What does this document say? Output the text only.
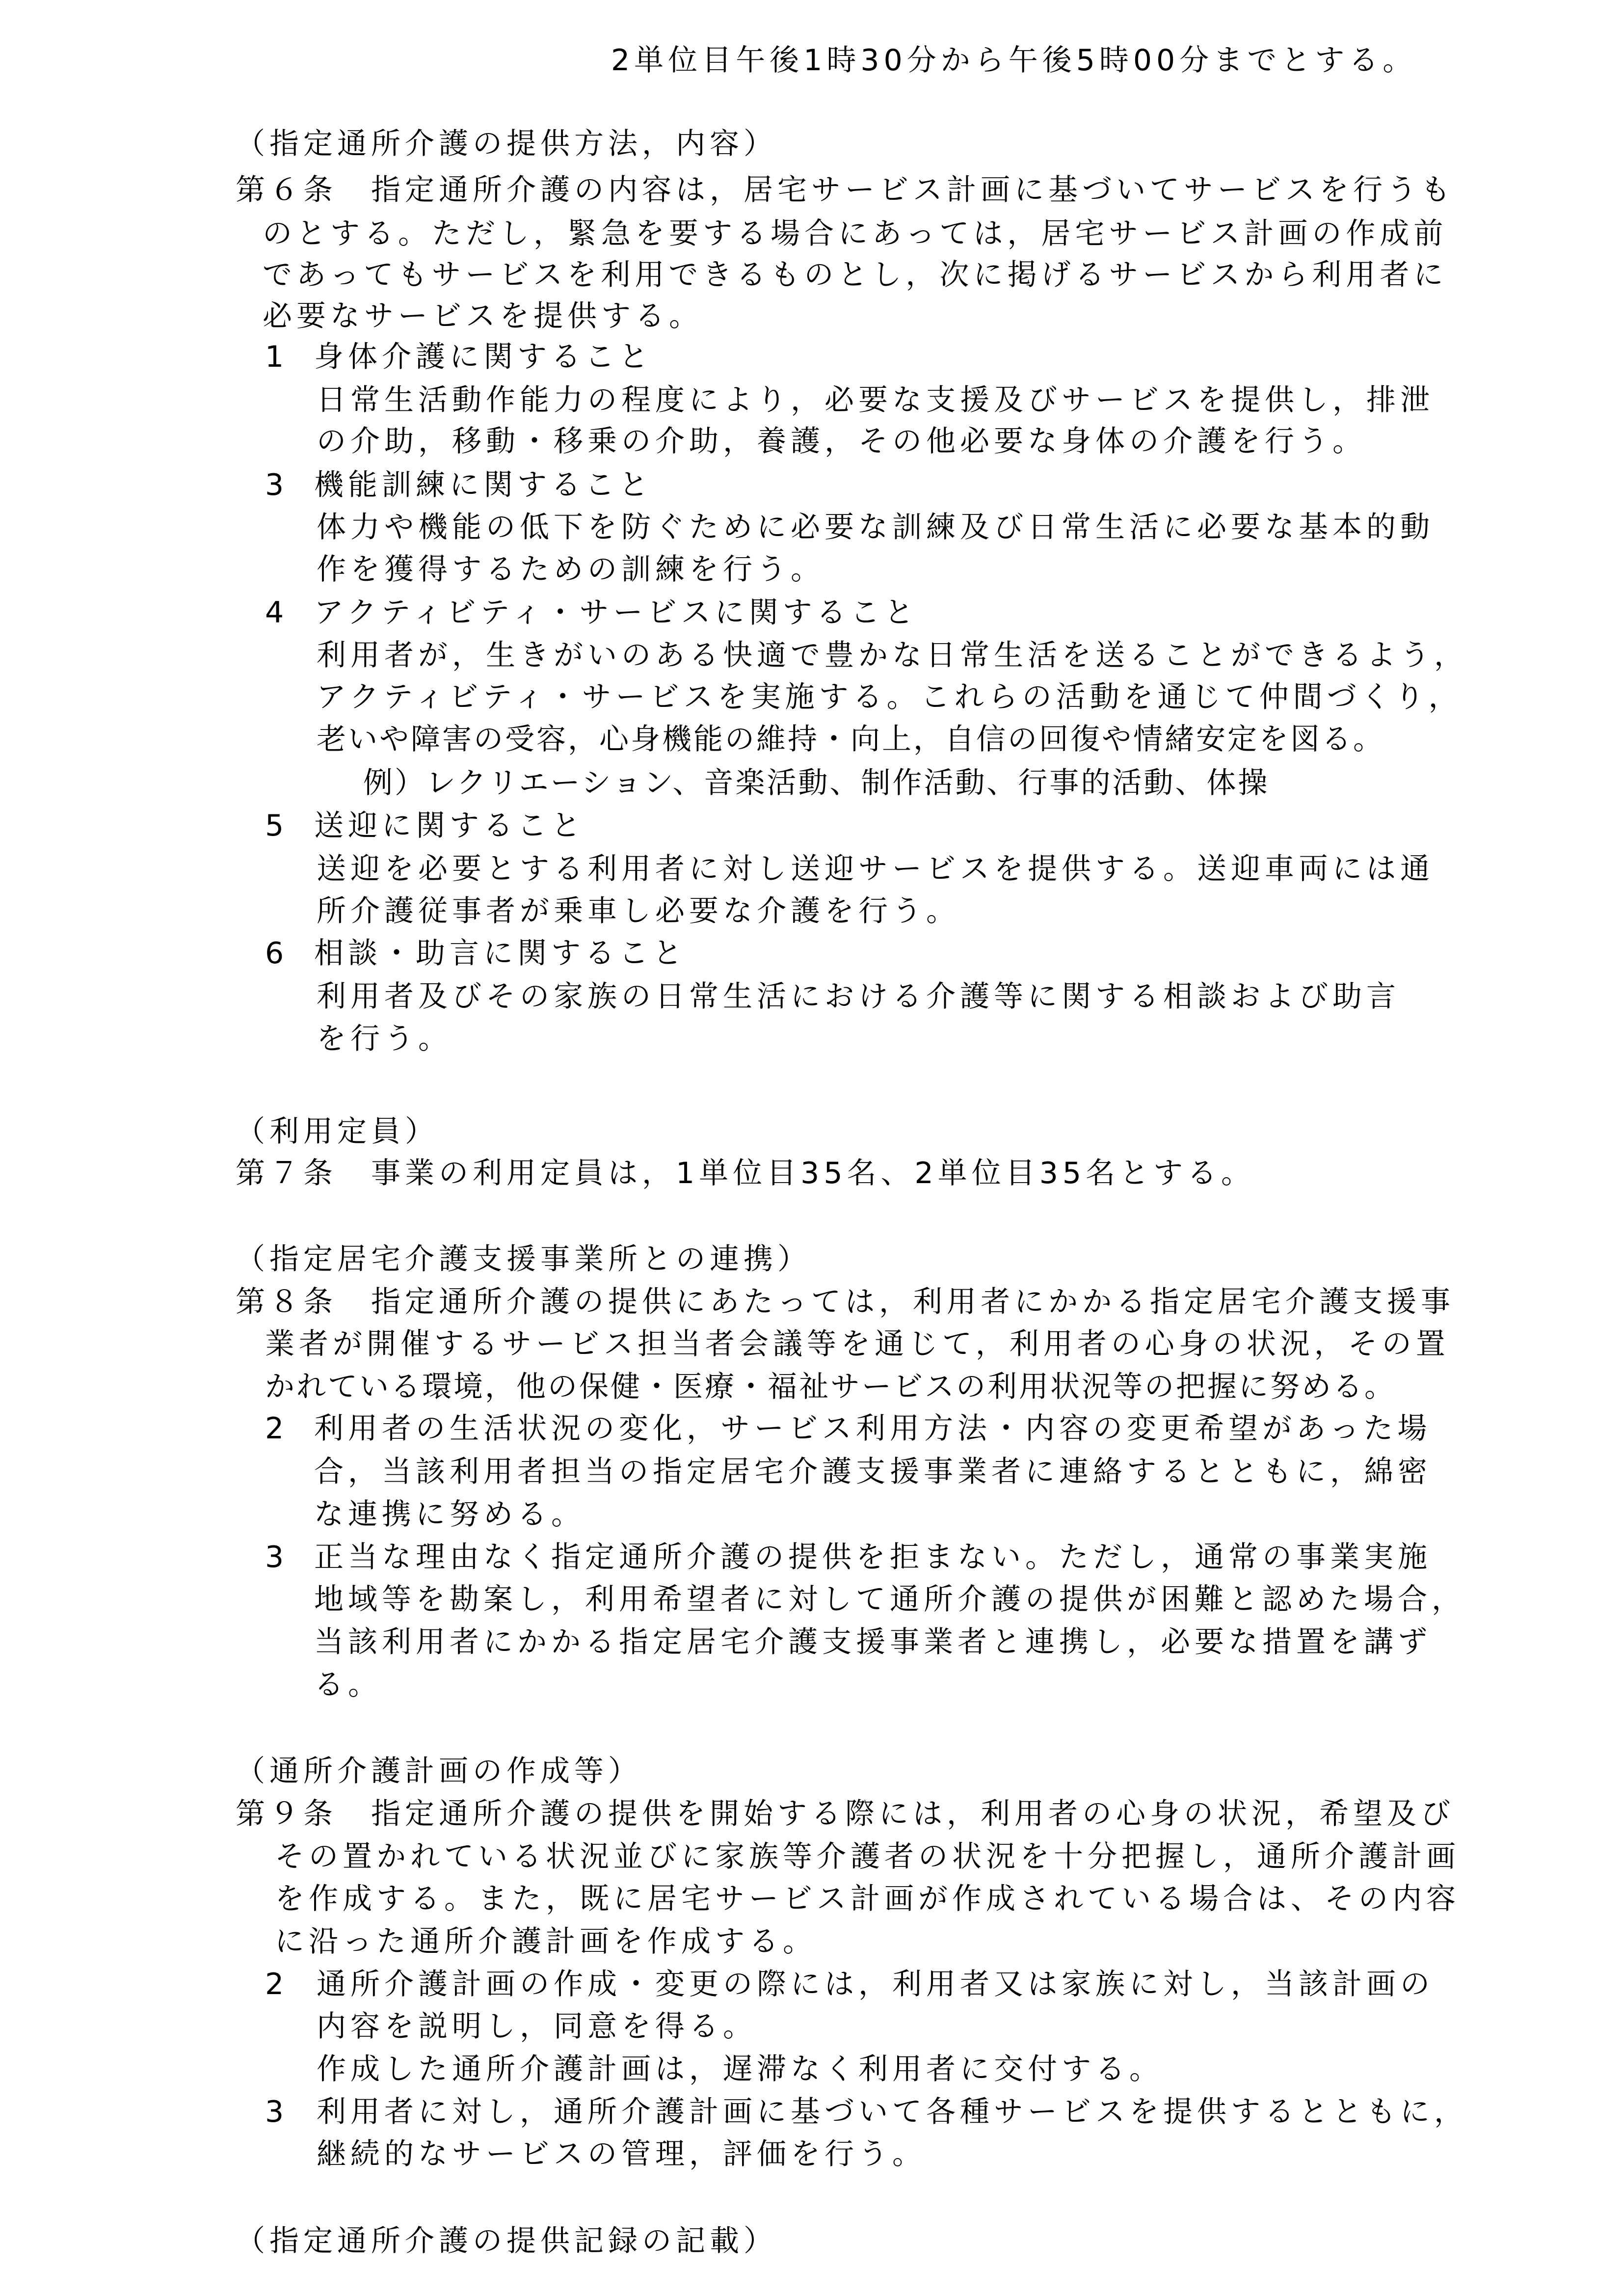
2単位目午後1時30分から午後5時00分までとする。
（指定通所介護の提供方法，内容）
第６条　指定通所介護の内容は，居宅サービス計画に基づいてサービスを行うも
のとする。ただし，緊急を要する場合にあっては，居宅サービス計画の作成前
であってもサービスを利用できるものとし，次に掲げるサービスから利用者に
必要なサービスを提供する。
1 身体介護に関すること
日常生活動作能力の程度により，必要な支援及びサービスを提供し，排泄
の介助，移動・移乗の介助，養護，その他必要な身体の介護を行う。
3 機能訓練に関すること
体力や機能の低下を防ぐために必要な訓練及び日常生活に必要な基本的動
作を獲得するための訓練を行う。
4 アクティビティ・サービスに関すること
利用者が，生きがいのある快適で豊かな日常生活を送ることができるよう，
アクティビティ・サービスを実施する。これらの活動を通じて仲間づくり，
老いや障害の受容，心身機能の維持・向上，自信の回復や情緒安定を図る。
例）レクリエーション、音楽活動、制作活動、行事的活動、体操
5 送迎に関すること
送迎を必要とする利用者に対し送迎サービスを提供する。送迎車両には通
所介護従事者が乗車し必要な介護を行う。
6 相談・助言に関すること
利用者及びその家族の日常生活における介護等に関する相談および助言
を行う。
（利用定員）
第７条　事業の利用定員は，1単位目35名、2単位目35名とする。
（指定居宅介護支援事業所との連携）
第８条　指定通所介護の提供にあたっては，利用者にかかる指定居宅介護支援事
業者が開催するサービス担当者会議等を通じて，利用者の心身の状況，その置
かれている環境，他の保健・医療・福祉サービスの利用状況等の把握に努める。
2 利用者の生活状況の変化，サービス利用方法・内容の変更希望があった場
合，当該利用者担当の指定居宅介護支援事業者に連絡するとともに，綿密
な連携に努める。
3 正当な理由なく指定通所介護の提供を拒まない。ただし，通常の事業実施
地域等を勘案し，利用希望者に対して通所介護の提供が困難と認めた場合，
当該利用者にかかる指定居宅介護支援事業者と連携し，必要な措置を講ず
る。
（通所介護計画の作成等）
第９条　指定通所介護の提供を開始する際には，利用者の心身の状況，希望及び
その置かれている状況並びに家族等介護者の状況を十分把握し，通所介護計画
を作成する。また，既に居宅サービス計画が作成されている場合は、その内容
に沿った通所介護計画を作成する。
2 通所介護計画の作成・変更の際には，利用者又は家族に対し，当該計画の
内容を説明し，同意を得る。
作成した通所介護計画は，遅滞なく利用者に交付する。
3 利用者に対し，通所介護計画に基づいて各種サービスを提供するとともに，
継続的なサービスの管理，評価を行う。
（指定通所介護の提供記録の記載）
